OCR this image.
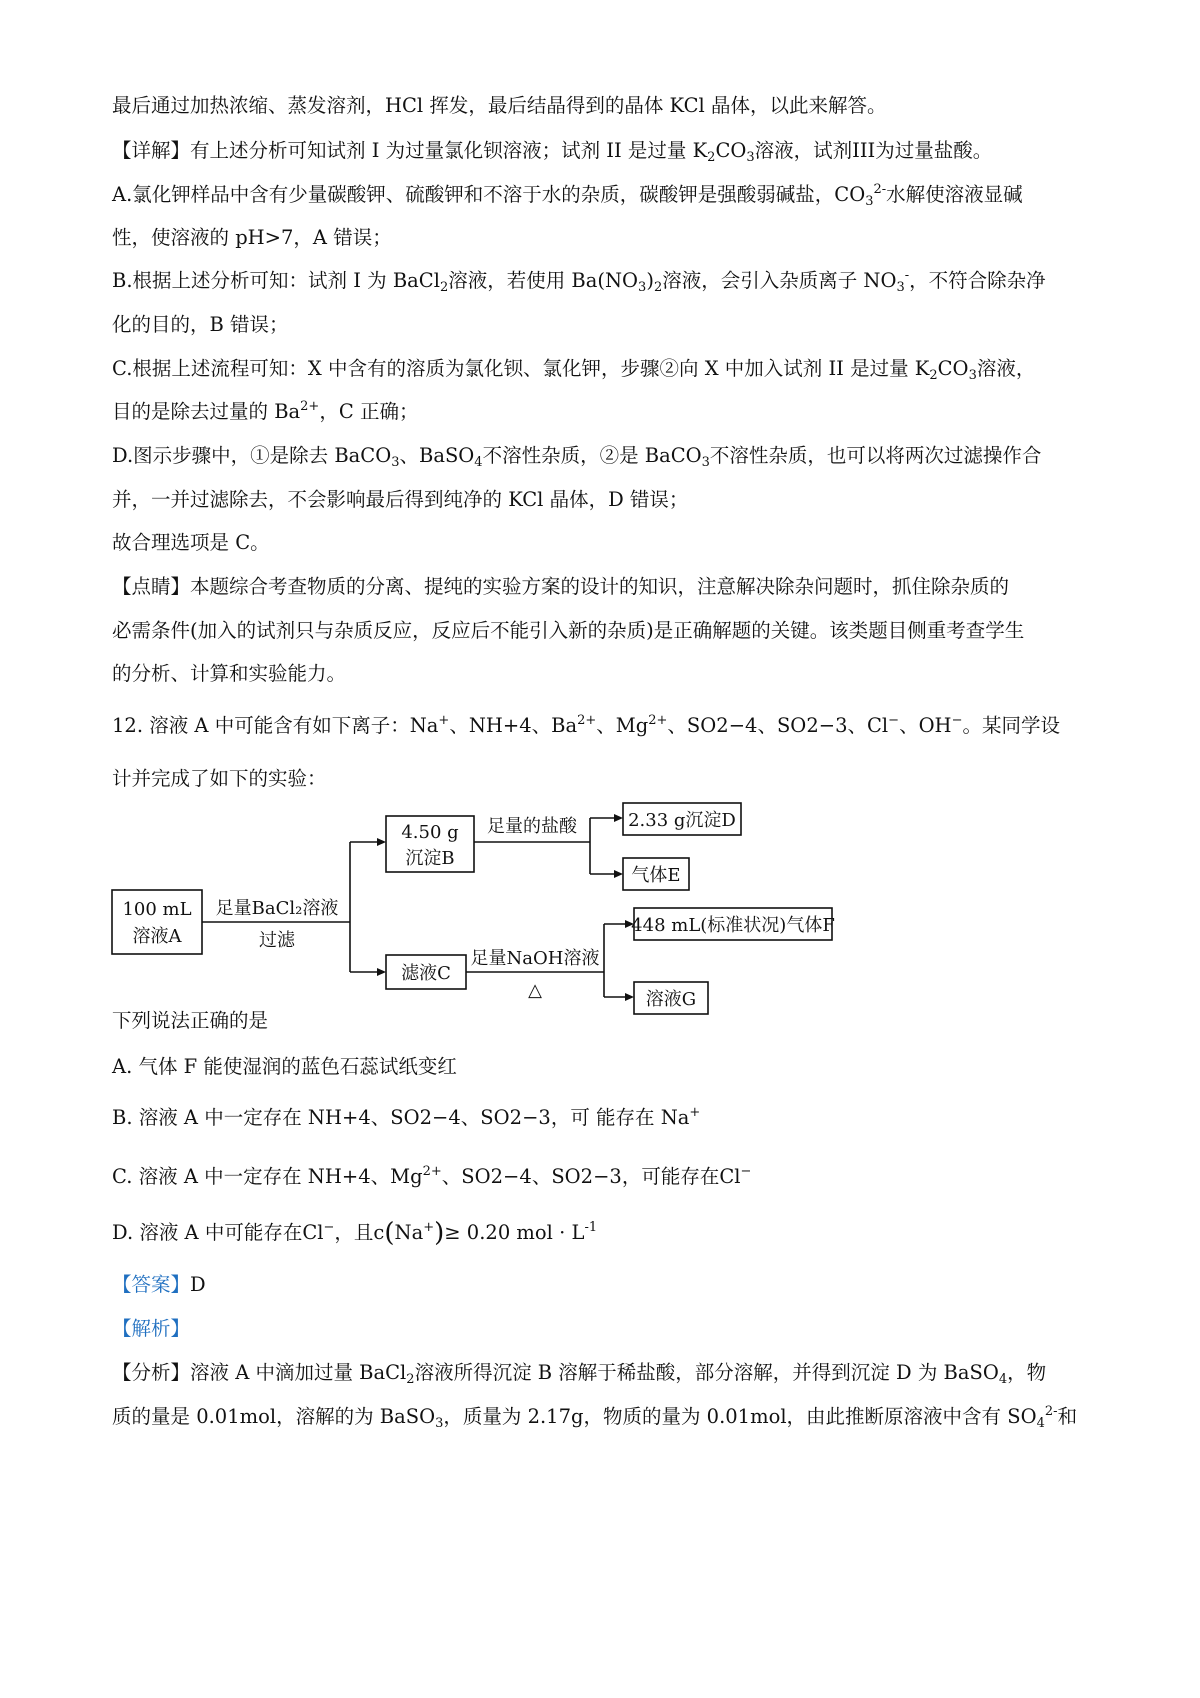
最后通过加热浓缩、蒸发溶剂，HCl 挥发，最后结晶得到的晶体 KCl 晶体，以此来解答。
【详解】有上述分析可知试剂 I 为过量氯化钡溶液；试剂 II 是过量 $K_2CO_3$溶液，试剂III为过量盐酸。
A.氯化钾样品中含有少量碳酸钾、硫酸钾和不溶于水的杂质，碳酸钾是强酸弱碱盐，$CO_3^{2-}$水解使溶液显碱
性，使溶液的 pH>7，A 错误；
B.根据上述分析可知：试剂 I 为 BaCl$_2$溶液，若使用 $Ba(NO_3)_2$溶液，会引入杂质离子 $NO_3^-$，不符合除杂净
化的目的，B 错误；
C.根据上述流程可知：X 中含有的溶质为氯化钡、氯化钾，步骤②向 X 中加入试剂 II 是过量 $K_2CO_3$溶液，
目的是除去过量的 $Ba^{2+}$，C 正确；
D.图示步骤中，①是除去 BaCO$_3$、BaSO$_4$不溶性杂质，②是 BaCO$_3$不溶性杂质，也可以将两次过滤操作合
并，一并过滤除去，不会影响最后得到纯净的 KCl 晶体，D 错误；
故合理选项是 C。
【点睛】本题综合考查物质的分离、提纯的实验方案的设计的知识，注意解决除杂问题时，抓住除杂质的
必需条件(加入的试剂只与杂质反应，反应后不能引入新的杂质)是正确解题的关键。该类题目侧重考查学生
的分析、计算和实验能力。
12. 溶液 A 中可能含有如下离子：Na+、NH+4、$Ba^{2+}$、$Mg^{2+}$、SO2−4、SO2−3、Cl−、OH−。某同学设
计并完成了如下的实验：
100 mL
溶液A
足量BaCl₂溶液
过滤
4.50 g
沉淀B
足量的盐酸	2.33 g沉淀D
气体E
滤液C
足量NaOH溶液
△
448 mL(标准状况)气体F
溶液G
下列说法正确的是
A. 气体 F 能使湿润的蓝色石蕊试纸变红
B. 溶液 A 中一定存在 NH+4、SO2−4、SO2−3，可 能存在 Na+
C. 溶液 A 中一定存在 NH+4、$Mg^{2+}$、SO2−4、SO2−3，可能存在Cl−
D. 溶液 A 中可能存在Cl−，且c(Na+)≥ 0.20 mol · $L^{-1}$
【答案】D
【解析】
【分析】溶液 A 中滴加过量 BaCl$_2$溶液所得沉淀 B 溶解于稀盐酸，部分溶解，并得到沉淀 D 为 BaSO$_4$，物
质的量是 0.01mol，溶解的为 BaSO$_3$，质量为 2.17g，物质的量为 0.01mol，由此推断原溶液中含有 $SO_4^{2-}$和
